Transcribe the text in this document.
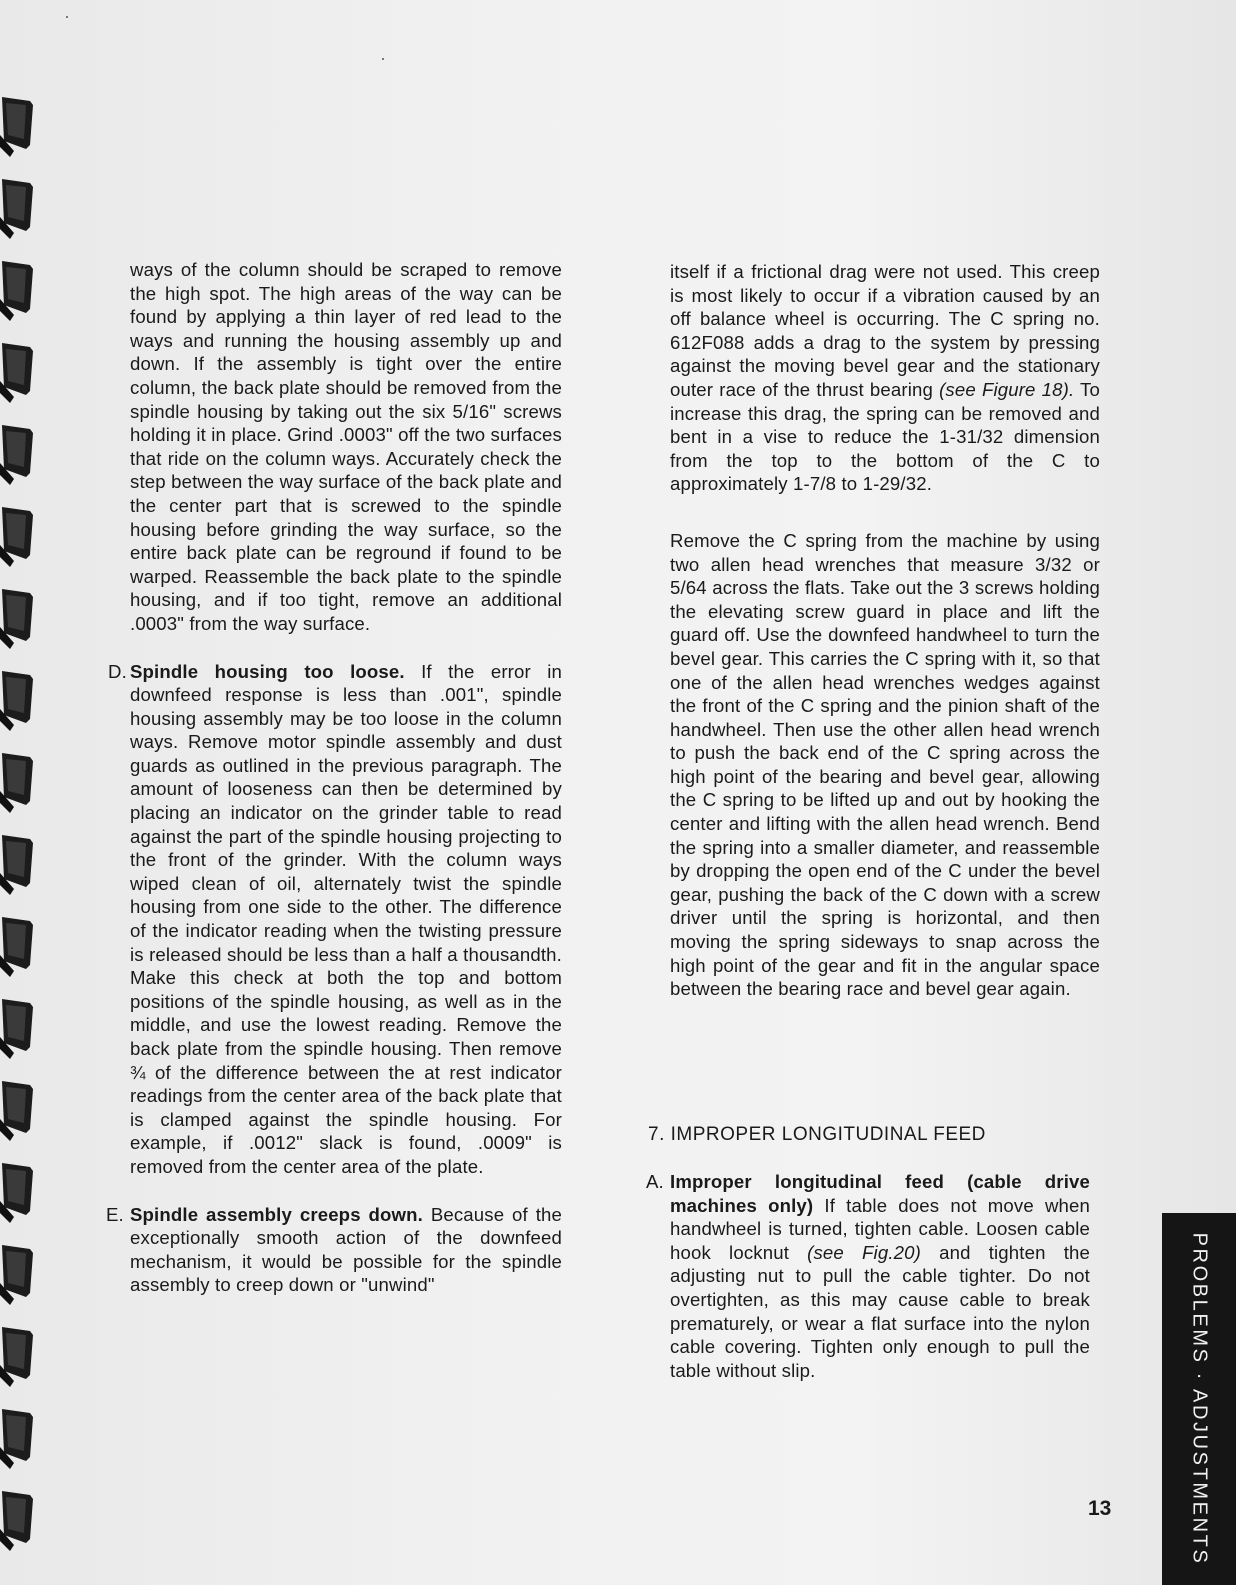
ways of the column should be scraped to remove the high spot. The high areas of the way can be found by applying a thin layer of red lead to the ways and running the housing assembly up and down. If the assembly is tight over the entire column, the back plate should be removed from the spindle housing by taking out the six 5/16" screws holding it in place. Grind .0003" off the two surfaces that ride on the column ways. Accurately check the step between the way surface of the back plate and the center part that is screwed to the spindle housing before grinding the way surface, so the entire back plate can be reground if found to be warped. Reassemble the back plate to the spindle housing, and if too tight, remove an additional .0003" from the way surface.

D. Spindle housing too loose. If the error in downfeed response is less than .001", spindle housing assembly may be too loose in the column ways. Remove motor spindle assembly and dust guards as outlined in the previous paragraph. The amount of looseness can then be determined by placing an indicator on the grinder table to read against the part of the spindle housing projecting to the front of the grinder. With the column ways wiped clean of oil, alternately twist the spindle housing from one side to the other. The difference of the indicator reading when the twisting pressure is released should be less than a half a thousandth. Make this check at both the top and bottom positions of the spindle housing, as well as in the middle, and use the lowest reading. Remove the back plate from the spindle housing. Then remove ¾ of the difference between the at rest indicator readings from the center area of the back plate that is clamped against the spindle housing. For example, if .0012" slack is found, .0009" is removed from the center area of the plate.

E. Spindle assembly creeps down. Because of the exceptionally smooth action of the downfeed mechanism, it would be possible for the spindle assembly to creep down or "unwind"

itself if a frictional drag were not used. This creep is most likely to occur if a vibration caused by an off balance wheel is occurring. The C spring no. 612F088 adds a drag to the system by pressing against the moving bevel gear and the stationary outer race of the thrust bearing (see Figure 18). To increase this drag, the spring can be removed and bent in a vise to reduce the 1-31/32 dimension from the top to the bottom of the C to approximately 1-7/8 to 1-29/32.

Remove the C spring from the machine by using two allen head wrenches that measure 3/32 or 5/64 across the flats. Take out the 3 screws holding the elevating screw guard in place and lift the guard off. Use the downfeed handwheel to turn the bevel gear. This carries the C spring with it, so that one of the allen head wrenches wedges against the front of the C spring and the pinion shaft of the handwheel. Then use the other allen head wrench to push the back end of the C spring across the high point of the bearing and bevel gear, allowing the C spring to be lifted up and out by hooking the center and lifting with the allen head wrench. Bend the spring into a smaller diameter, and reassemble by dropping the open end of the C under the bevel gear, pushing the back of the C down with a screw driver until the spring is horizontal, and then moving the spring sideways to snap across the high point of the gear and fit in the angular space between the bearing race and bevel gear again.

7. IMPROPER LONGITUDINAL FEED
A. Improper longitudinal feed (cable drive machines only) If table does not move when handwheel is turned, tighten cable. Loosen cable hook locknut (see Fig.20) and tighten the adjusting nut to pull the cable tighter. Do not overtighten, as this may cause cable to break prematurely, or wear a flat surface into the nylon cable covering. Tighten only enough to pull the table without slip.	PROBLEMS · ADJUSTMENTS
13
